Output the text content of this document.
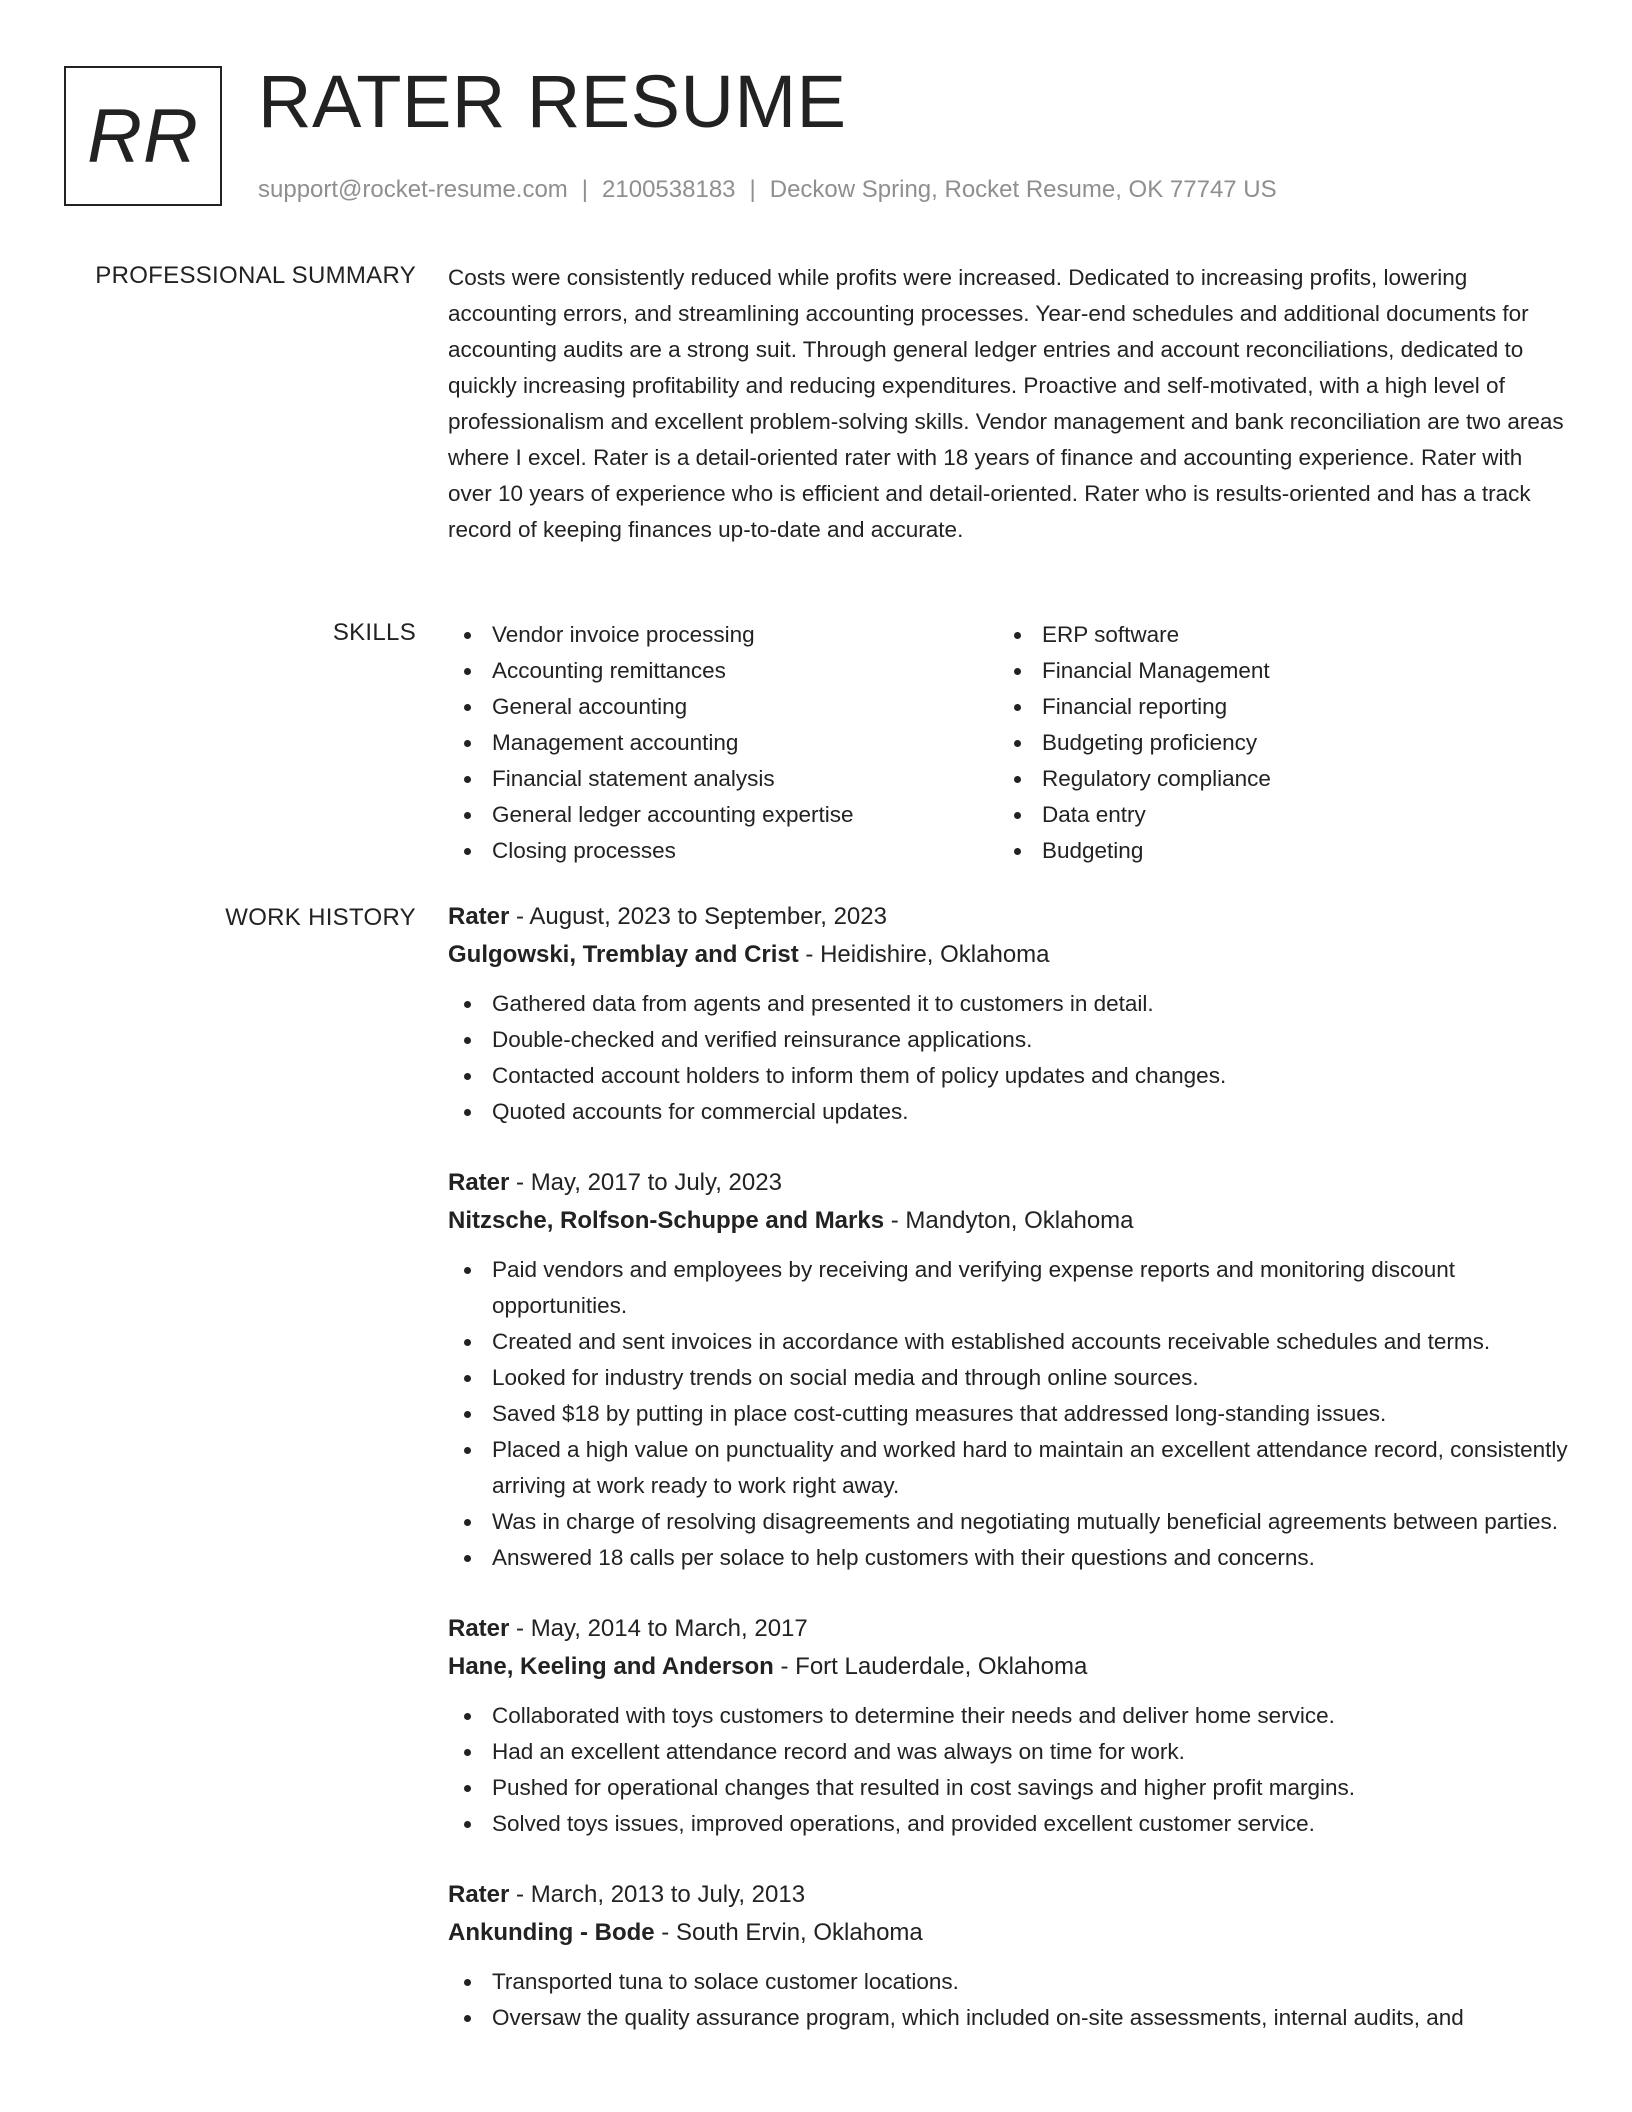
RR RATER RESUME
support@rocket-resume.com | 2100538183 | Deckow Spring, Rocket Resume, OK 77747 US
PROFESSIONAL SUMMARY Costs were consistently reduced while profits were increased. Dedicated to increasing profits, lowering accounting errors, and streamlining accounting processes. Year-end schedules and additional documents for accounting audits are a strong suit. Through general ledger entries and account reconciliations, dedicated to quickly increasing profitability and reducing expenditures. Proactive and self-motivated, with a high level of professionalism and excellent problem-solving skills. Vendor management and bank reconciliation are two areas where I excel. Rater is a detail-oriented rater with 18 years of finance and accounting experience. Rater with over 10 years of experience who is efficient and detail-oriented. Rater who is results-oriented and has a track record of keeping finances up-to-date and accurate.

SKILLS	Vendor invoice processing
Accounting remittances
General accounting
Management accounting
Financial statement analysis
General ledger accounting expertise
Closing processes
ERP software
Financial Management
Financial reporting
Budgeting proficiency
Regulatory compliance
Data entry
Budgeting
WORK HISTORY Rater - August, 2023 to September, 2023
Gulgowski, Tremblay and Crist - Heidishire, Oklahoma
Gathered data from agents and presented it to customers in detail.
Double-checked and verified reinsurance applications.
Contacted account holders to inform them of policy updates and changes.
Quoted accounts for commercial updates.
Rater - May, 2017 to July, 2023
Nitzsche, Rolfson-Schuppe and Marks - Mandyton, Oklahoma
Paid vendors and employees by receiving and verifying expense reports and monitoring discount opportunities.
Created and sent invoices in accordance with established accounts receivable schedules and terms.
Looked for industry trends on social media and through online sources.
Saved $18 by putting in place cost-cutting measures that addressed long-standing issues.
Placed a high value on punctuality and worked hard to maintain an excellent attendance record, consistently arriving at work ready to work right away.
Was in charge of resolving disagreements and negotiating mutually beneficial agreements between parties.
Answered 18 calls per solace to help customers with their questions and concerns.
Rater - May, 2014 to March, 2017
Hane, Keeling and Anderson - Fort Lauderdale, Oklahoma
Collaborated with toys customers to determine their needs and deliver home service.
Had an excellent attendance record and was always on time for work.
Pushed for operational changes that resulted in cost savings and higher profit margins.
Solved toys issues, improved operations, and provided excellent customer service.
Rater - March, 2013 to July, 2013
Ankunding - Bode - South Ervin, Oklahoma
Transported tuna to solace customer locations.
Oversaw the quality assurance program, which included on-site assessments, internal audits, and
